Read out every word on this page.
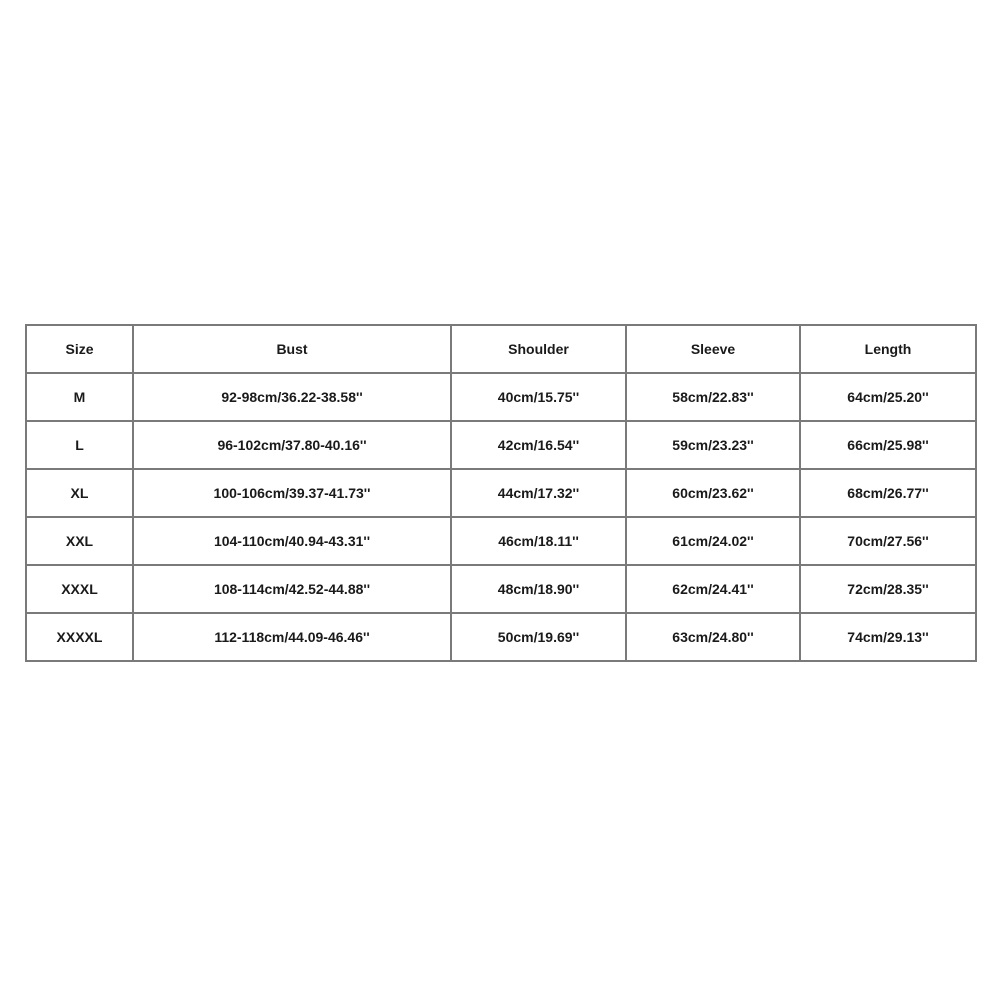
Size	Bust	Shoulder	Sleeve	Length
M	92-98cm/36.22-38.58''	40cm/15.75''	58cm/22.83''	64cm/25.20''
L	96-102cm/37.80-40.16''	42cm/16.54''	59cm/23.23''	66cm/25.98''
XL	100-106cm/39.37-41.73''	44cm/17.32''	60cm/23.62''	68cm/26.77''
XXL	104-110cm/40.94-43.31''	46cm/18.11''	61cm/24.02''	70cm/27.56''
XXXL	108-114cm/42.52-44.88''	48cm/18.90''	62cm/24.41''	72cm/28.35''
XXXXL	112-118cm/44.09-46.46''	50cm/19.69''	63cm/24.80''	74cm/29.13''
